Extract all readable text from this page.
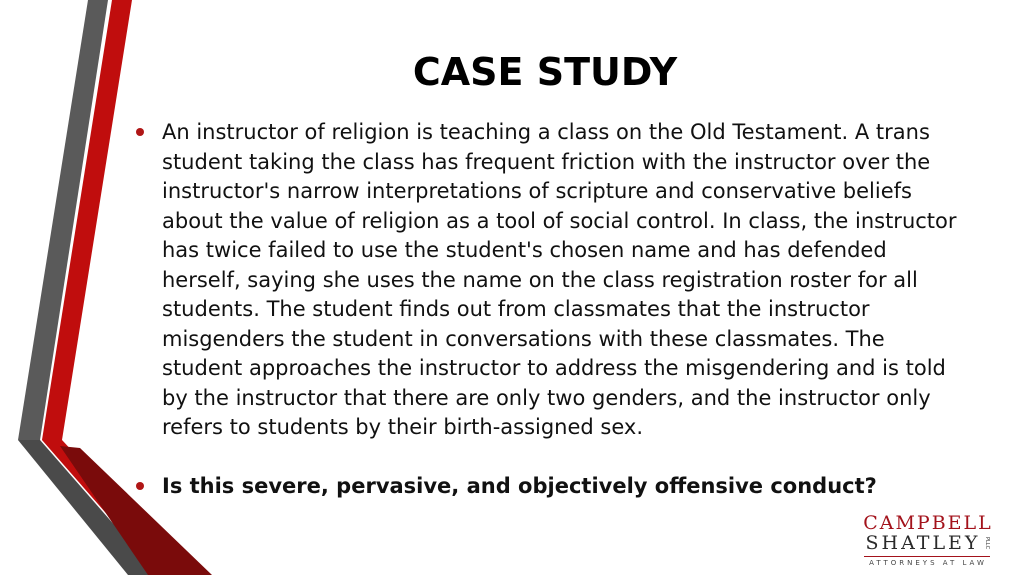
CASE STUDY
An instructor of religion is teaching a class on the Old Testament. A trans student taking the class has frequent friction with the instructor over the instructor's narrow interpretations of scripture and conservative beliefs about the value of religion as a tool of social control. In class, the instructor has twice failed to use the student's chosen name and has defended herself, saying she uses the name on the class registration roster for all students. The student finds out from classmates that the instructor misgenders the student in conversations with these classmates. The student approaches the instructor to address the misgendering and is told by the instructor that there are only two genders, and the instructor only refers to students by their birth-assigned sex.
Is this severe, pervasive, and objectively offensive conduct?
CAMPBELL
SHATLEY PLLC
ATTORNEYS AT LAW
